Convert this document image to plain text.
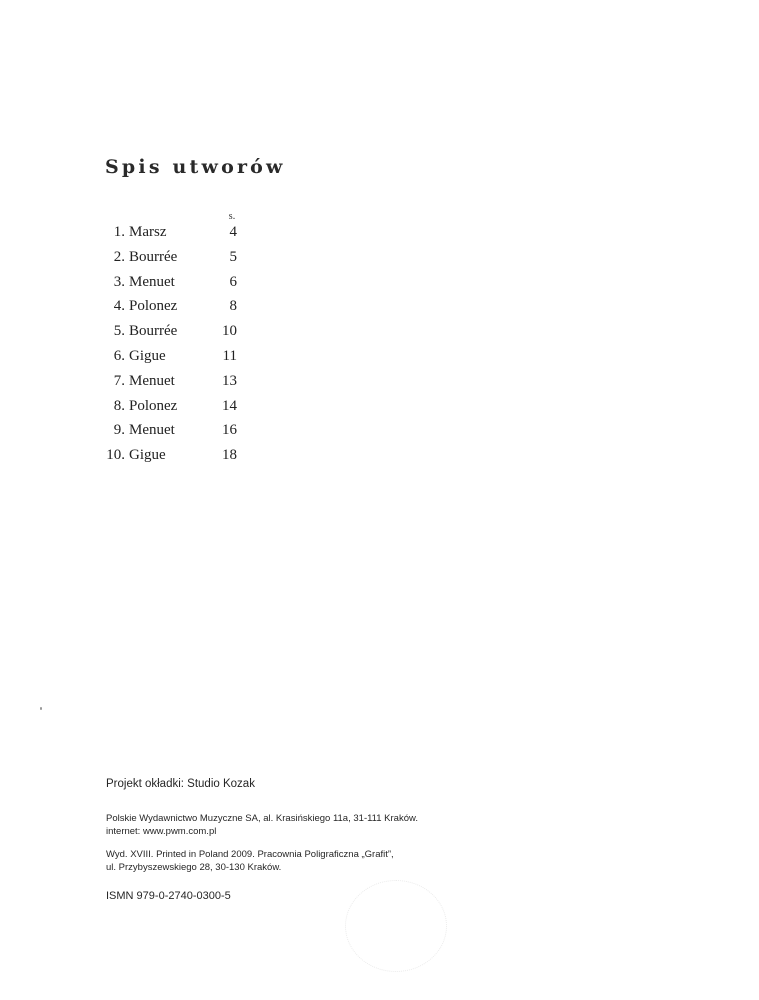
Spis utworów
s.
1. Marsz	4
2. Bourrée	5
3. Menuet	6
4. Polonez	8
5. Bourrée	10
6. Gigue	11
7. Menuet	13
8. Polonez	14
9. Menuet	16
10. Gigue	18
Projekt okładki: Studio Kozak
Polskie Wydawnictwo Muzyczne SA, al. Krasińskiego 11a, 31-111 Kraków.
internet: www.pwm.com.pl
Wyd. XVIII. Printed in Poland 2009. Pracownia Poligraficzna „Grafit”,
ul. Przybyszewskiego 28, 30-130 Kraków.
ISMN 979-0-2740-0300-5
